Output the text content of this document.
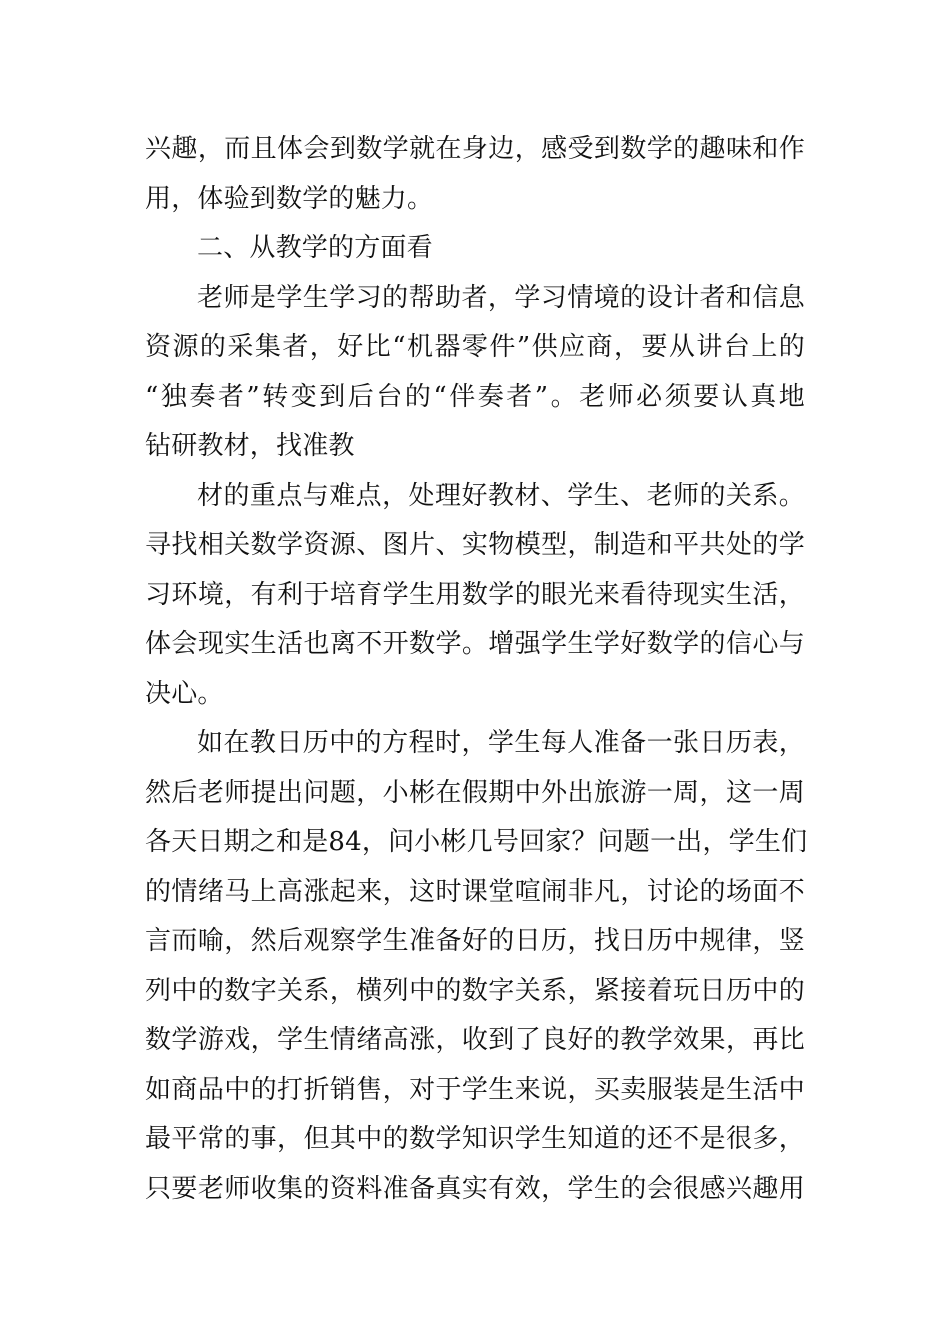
兴趣，而且体会到数学就在身边，感受到数学的趣味和作
用，体验到数学的魅力。
二、从教学的方面看
老师是学生学习的帮助者，学习情境的设计者和信息
资源的采集者，好比“机器零件”供应商，要从讲台上的
“独奏者”转变到后台的“伴奏者”。老师必须要认真地
钻研教材，找准教
材的重点与难点，处理好教材、学生、老师的关系。
寻找相关数学资源、图片、实物模型，制造和平共处的学
习环境，有利于培育学生用数学的眼光来看待现实生活，
体会现实生活也离不开数学。增强学生学好数学的信心与
决心。
如在教日历中的方程时，学生每人准备一张日历表，
然后老师提出问题，小彬在假期中外出旅游一周，这一周
各天日期之和是84，问小彬几号回家？问题一出，学生们
的情绪马上高涨起来，这时课堂喧闹非凡，讨论的场面不
言而喻，然后观察学生准备好的日历，找日历中规律，竖
列中的数字关系，横列中的数字关系，紧接着玩日历中的
数学游戏，学生情绪高涨，收到了良好的教学效果，再比
如商品中的打折销售，对于学生来说，买卖服装是生活中
最平常的事，但其中的数学知识学生知道的还不是很多，
只要老师收集的资料准备真实有效，学生的会很感兴趣用
